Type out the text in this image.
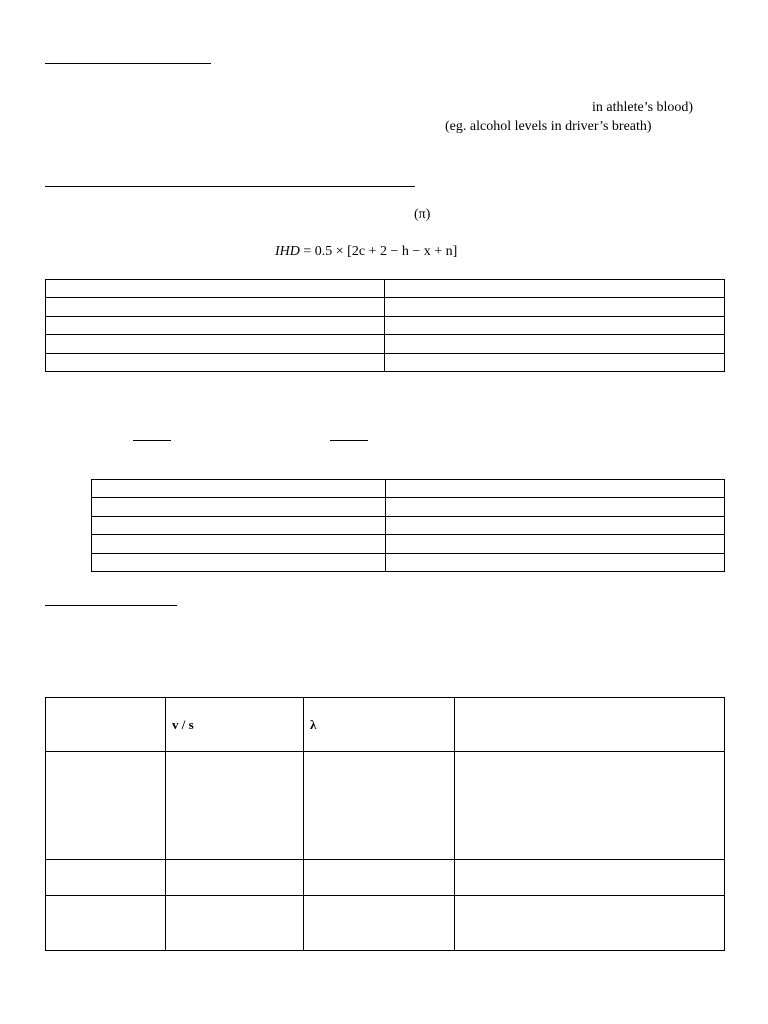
in athlete’s blood)
(eg. alcohol levels in driver’s breath)
(π)
IHD = 0.5 × [2c + 2 − h − x + n]

	v / s	λ	
